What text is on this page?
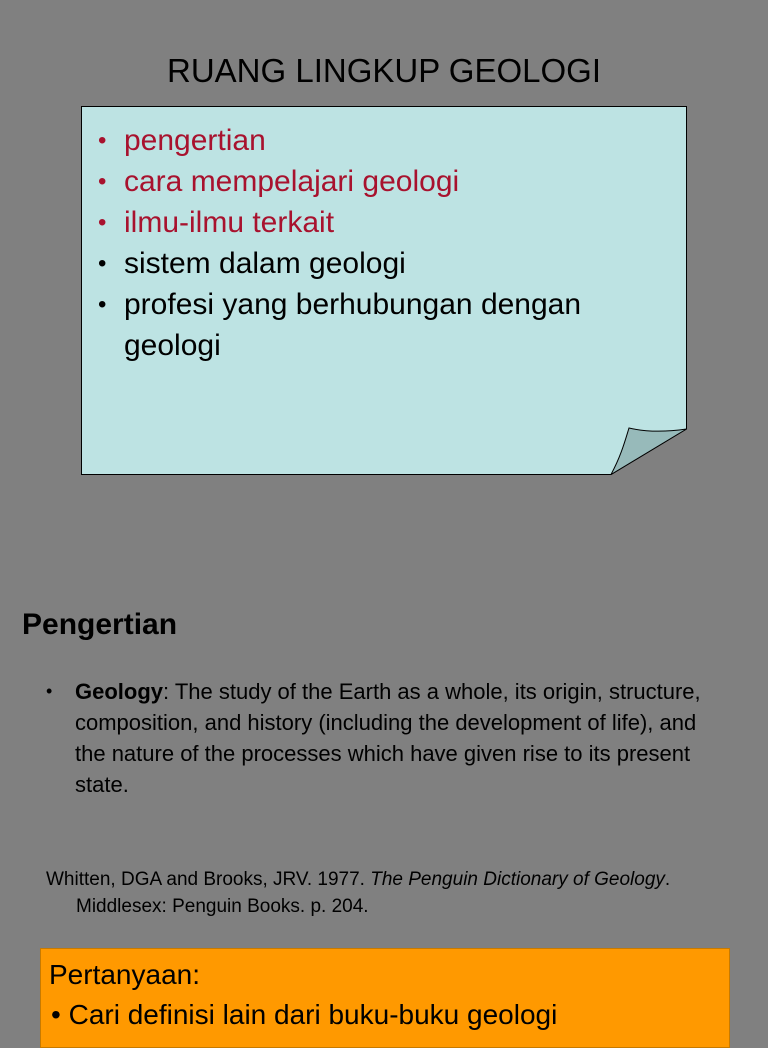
RUANG LINGKUP GEOLOGI
• pengertian
• cara mempelajari geologi
• ilmu-ilmu terkait
• sistem dalam geologi
• profesi yang berhubungan dengan geologi
Pengertian
•	Geology: The study of the Earth as a whole, its origin, structure, composition, and history (including the development of life), and the nature of the processes which have given rise to its present state.

Whitten, DGA and Brooks, JRV. 1977. The Penguin Dictionary of Geology. Middlesex: Penguin Books. p. 204.

Pertanyaan:
• Cari definisi lain dari buku-buku geologi
